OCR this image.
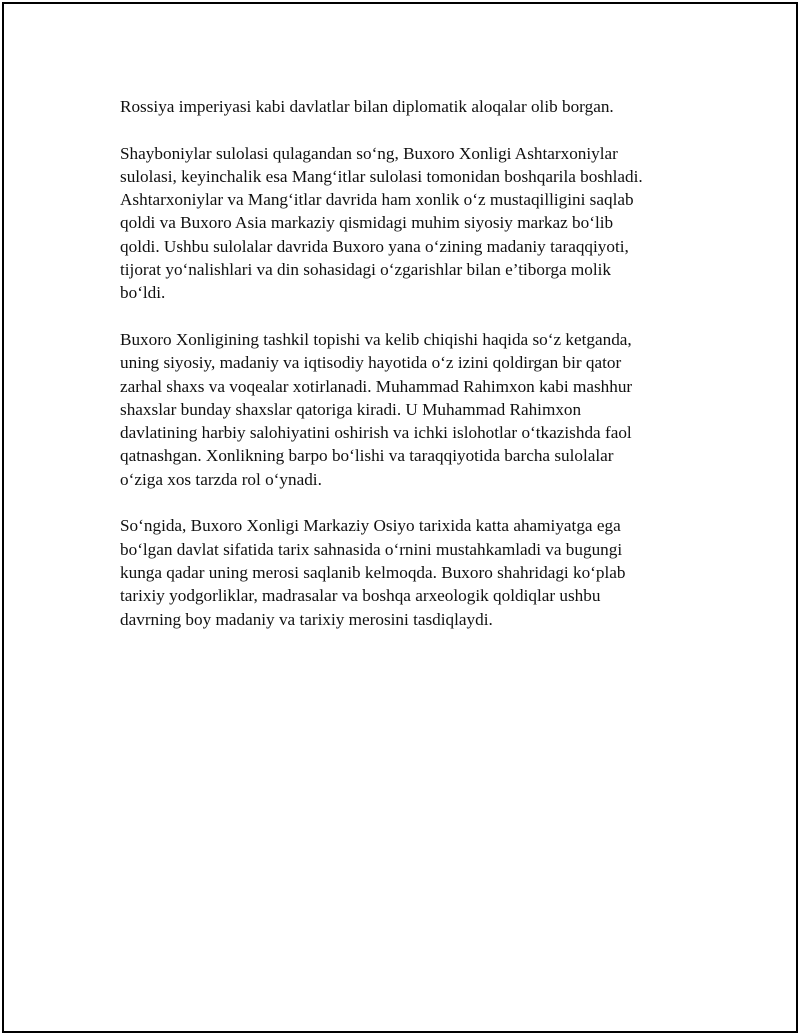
Rossiya imperiyasi kabi davlatlar bilan diplomatik aloqalar olib borgan.

Shayboniylar sulolasi qulagandan so‘ng, Buxoro Xonligi Ashtarxoniylar
sulolasi, keyinchalik esa Mang‘itlar sulolasi tomonidan boshqarila boshladi.
Ashtarxoniylar va Mang‘itlar davrida ham xonlik o‘z mustaqilligini saqlab
qoldi va Buxoro Asia markaziy qismidagi muhim siyosiy markaz bo‘lib
qoldi. Ushbu sulolalar davrida Buxoro yana o‘zining madaniy taraqqiyoti,
tijorat yo‘nalishlari va din sohasidagi o‘zgarishlar bilan e’tiborga molik
bo‘ldi.

Buxoro Xonligining tashkil topishi va kelib chiqishi haqida so‘z ketganda,
uning siyosiy, madaniy va iqtisodiy hayotida o‘z izini qoldirgan bir qator
zarhal shaxs va voqealar xotirlanadi. Muhammad Rahimxon kabi mashhur
shaxslar bunday shaxslar qatoriga kiradi. U Muhammad Rahimxon
davlatining harbiy salohiyatini oshirish va ichki islohotlar o‘tkazishda faol
qatnashgan. Xonlikning barpo bo‘lishi va taraqqiyotida barcha sulolalar
o‘ziga xos tarzda rol o‘ynadi.

So‘ngida, Buxoro Xonligi Markaziy Osiyo tarixida katta ahamiyatga ega
bo‘lgan davlat sifatida tarix sahnasida o‘rnini mustahkamladi va bugungi
kunga qadar uning merosi saqlanib kelmoqda. Buxoro shahridagi ko‘plab
tarixiy yodgorliklar, madrasalar va boshqa arxeologik qoldiqlar ushbu
davrning boy madaniy va tarixiy merosini tasdiqlaydi.
